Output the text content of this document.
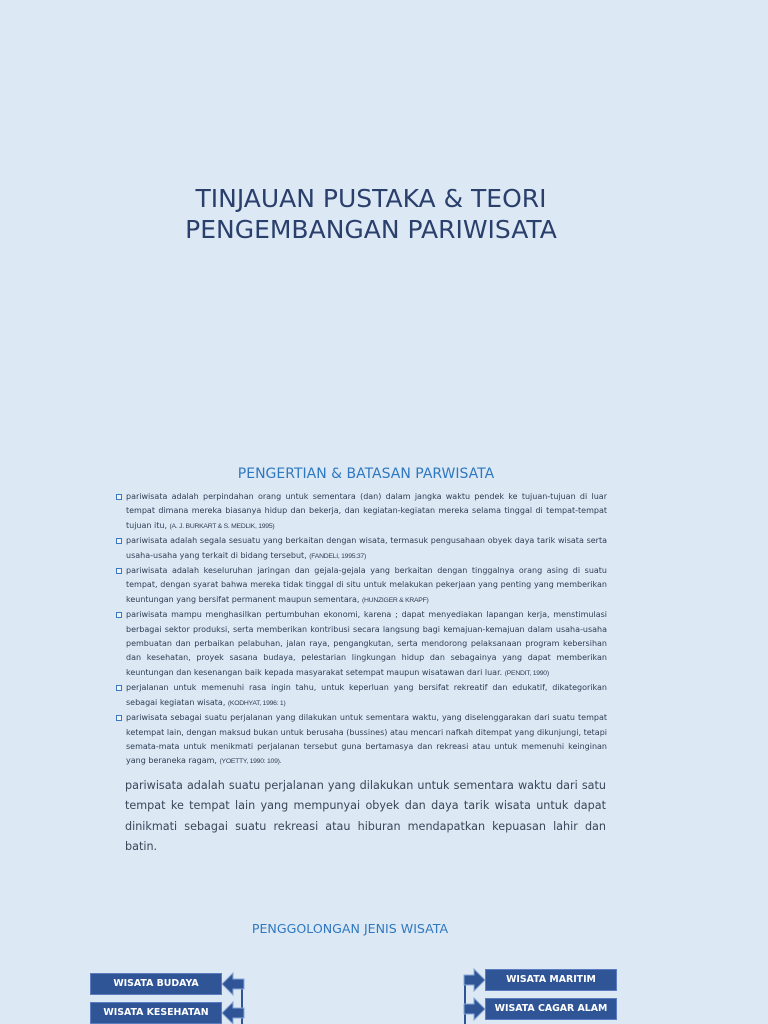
TINJAUAN PUSTAKA & TEORI
PENGEMBANGAN PARIWISATA
PENGERTIAN & BATASAN PARWISATA
pariwisata adalah perpindahan orang untuk sementara (dan) dalam jangka waktu pendek ke tujuan-tujuan di luar tempat dimana mereka biasanya hidup dan bekerja, dan kegiatan-kegiatan mereka selama tinggal di tempat-tempat tujuan itu, (A. J. BURKART & S. MEDLIK, 1995)
pariwisata adalah segala sesuatu yang berkaitan dengan wisata, termasuk pengusahaan obyek daya tarik wisata serta usaha-usaha yang terkait di bidang tersebut, (FANDELI, 1995:37)
pariwisata adalah keseluruhan jaringan dan gejala-gejala yang berkaitan dengan tinggalnya orang asing di suatu tempat, dengan syarat bahwa mereka tidak tinggal di situ untuk melakukan pekerjaan yang penting yang memberikan keuntungan yang bersifat permanent maupun sementara, (HUNZIGER & KRAPF)
pariwisata mampu menghasilkan pertumbuhan ekonomi, karena ; dapat menyediakan lapangan kerja, menstimulasi berbagai sektor produksi, serta memberikan kontribusi secara langsung bagi kemajuan-kemajuan dalam usaha-usaha pembuatan dan perbaikan pelabuhan, jalan raya, pengangkutan, serta mendorong pelaksanaan program kebersihan dan kesehatan, proyek sasana budaya, pelestarian lingkungan hidup dan sebagainya yang dapat memberikan keuntungan dan kesenangan baik kepada masyarakat setempat maupun wisatawan dari luar. (PENDIT, 1990)
perjalanan untuk memenuhi rasa ingin tahu, untuk keperluan yang bersifat rekreatif dan edukatif, dikategorikan sebagai kegiatan wisata, (KODHYAT, 1996: 1)
pariwisata sebagai suatu perjalanan yang dilakukan untuk sementara waktu, yang diselenggarakan dari suatu tempat ketempat lain, dengan maksud bukan untuk berusaha (bussines) atau mencari nafkah ditempat yang dikunjungi, tetapi semata-mata untuk menikmati perjalanan tersebut guna bertamasya dan rekreasi atau untuk memenuhi keinginan yang beraneka ragam, (YOETTY, 1990: 109).

pariwisata adalah suatu perjalanan yang dilakukan untuk sementara waktu dari satu tempat ke tempat lain yang mempunyai obyek dan daya tarik wisata untuk dapat dinikmati sebagai suatu rekreasi atau hiburan mendapatkan kepuasan lahir dan batin.

PENGGOLONGAN JENIS WISATA
WISATA BUDAYA
WISATA KESEHATAN
WISATA MARITIM
WISATA CAGAR ALAM
